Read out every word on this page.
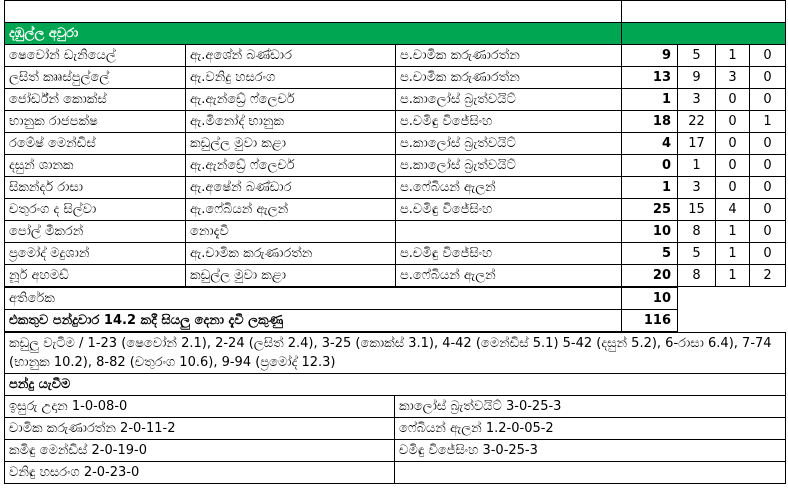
දඹුල්ල අවුරා						
ෂෙවෝන් ඩැනියෙල්	ඇ.අශේන් බණ්ඩාර	ප.චාමික කරුණාරත්න	9	5	1	0
ලසිත් කෲස්පුල්ලේ	ඇ.වනිදු හසරංග	ප.චාමික කරුණාරත්න	13	9	3	0
ජෝර්ඩ්න් කොක්ස්	ඇ.ඇන්ඩ්‍රේ ෆ්ලෙචර්	ප.කාලෝස් බ්‍රැත්වයිට්	1	3	0	0
භානුක රාජපක්ෂ	ඇ.මිනෝද් භානුක	ප.චමිඳු විජේසිංහ	18	22	0	1
රමේෂ් මෙන්ඩිස්	කඩුල්ල මුවා කළා	ප.කාලෝස් බ්‍රැත්වයිට්	4	17	0	0
දසුන් ශානක	ඇ.ඇන්ඩ්‍රේ ෆ්ලෙචර්	ප.කාලෝස් බ්‍රැත්වයිට්	0	1	0	0
සිකන්දර් රාසා	ඇ.අෂේන් බණ්ඩාර	ප.ෆේබියන් ඇලන්	1	3	0	0
චතුරංග ද සිල්වා	ඇ.ෆේබියන් ඇලන්	ප.චමිඳු විජේසිංහ	25	15	4	0
පෝල් මීකරන්	නොදැවී		10	8	1	0
ප්‍රමෝද් මදුශාන්	ඇ.චාමික කරුණාරත්න	ප.චමිඳු විජේසිංහ	5	5	1	0
නූර් අහමඩ්	කඩුල්ල මුවා කළා	ප.ෆේබියන් ඇලන්	20	8	1	2
අතිරේක	10	
එකතුව පන්දුවාර 14.2 කදී සියලු දෙනා දැවී ලකුණු	116	
කඩුලු වැටීම / 1-23 (ෂෙවෝන් 2.1), 2-24 (ලසිත් 2.4), 3-25 (කොක්ස් 3.1), 4-42 (මෙන්ඩිස් 5.1) 5-42 (දසුන් 5.2), 6-රාසා 6.4), 7-74 (භානුක 10.2), 8-82 (චතුරංග 10.6), 9-94 (ප්‍රමෝද් 12.3)	
පන්දු යැවීම	
ඉසුරු උදාන 1-0-08-0	කාලෝස් බ්‍රැත්වයිට් 3-0-25-3
චාමික කරුණාරත්න 2-0-11-2	ෆේබියන් ඇලන් 1.2-0-05-2
කමිඳු මෙන්ඩිස් 2-0-19-0	චමිඳු විජේසිංහ 3-0-25-3
වනිඳු හසරංග 2-0-23-0	
